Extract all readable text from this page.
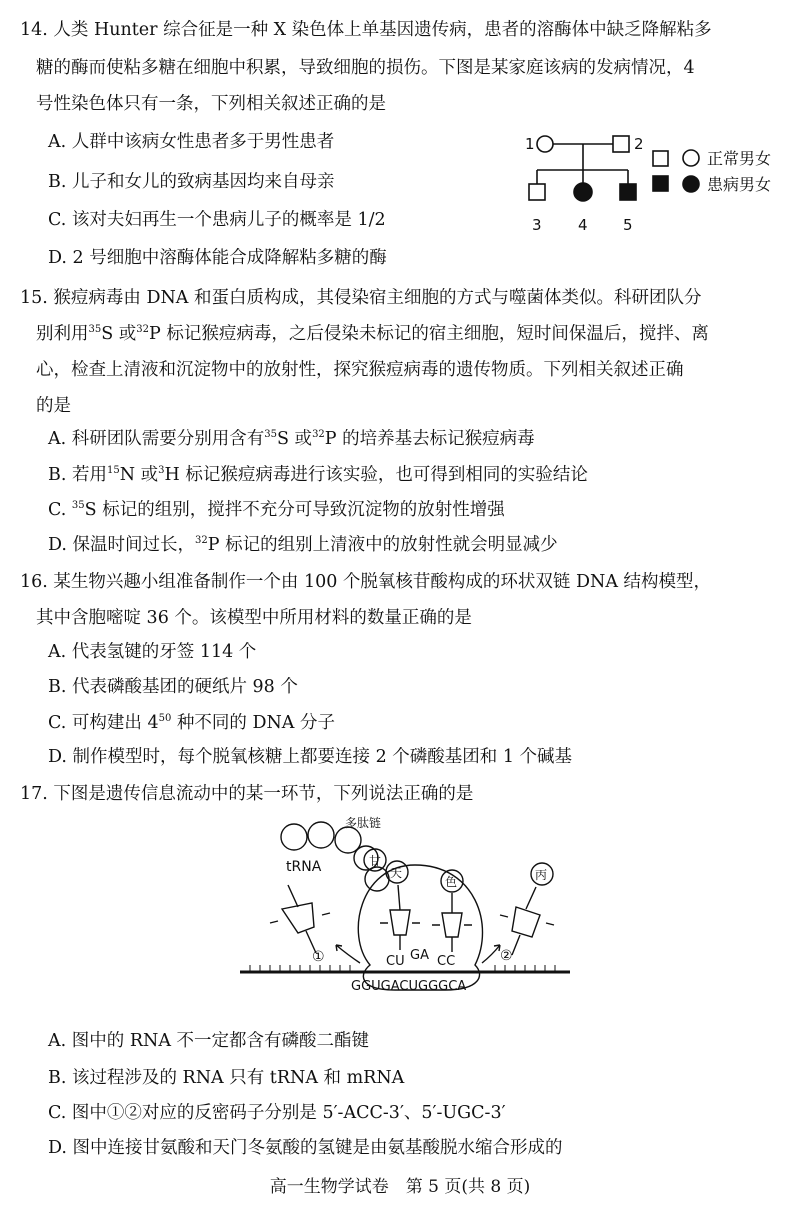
14. 人类 Hunter 综合征是一种 X 染色体上单基因遗传病，患者的溶酶体中缺乏降解粘多
糖的酶而使粘多糖在细胞中积累，导致细胞的损伤。下图是某家庭该病的发病情况，4
号性染色体只有一条，下列相关叙述正确的是
A. 人群中该病女性患者多于男性患者
B. 儿子和女儿的致病基因均来自母亲
C. 该对夫妇再生一个患病儿子的概率是 1/2
D. 2 号细胞中溶酶体能合成降解粘多糖的酶
1	2
3 4 5
正常男女
患病男女
15. 猴痘病毒由 DNA 和蛋白质构成，其侵染宿主细胞的方式与噬菌体类似。科研团队分
别利用$^{35}$S 或$^{32}$P 标记猴痘病毒，之后侵染未标记的宿主细胞，短时间保温后，搅拌、离
心，检查上清液和沉淀物中的放射性，探究猴痘病毒的遗传物质。下列相关叙述正确
的是
A. 科研团队需要分别用含有$^{35}$S 或$^{32}$P 的培养基去标记猴痘病毒
B. 若用$^{15}$N 或$^3$H 标记猴痘病毒进行该实验，也可得到相同的实验结论
C. $^{35}$S 标记的组别，搅拌不充分可导致沉淀物的放射性增强
D. 保温时间过长，$^{32}$P 标记的组别上清液中的放射性就会明显减少
16. 某生物兴趣小组准备制作一个由 100 个脱氧核苷酸构成的环状双链 DNA 结构模型，
其中含胞嘧啶 36 个。该模型中所用材料的数量正确的是
A. 代表氢键的牙签 114 个
B. 代表磷酸基团的硬纸片 98 个
C. 可构建出 $4^{50}$ 种不同的 DNA 分子
D. 制作模型时，每个脱氧核糖上都要连接 2 个磷酸基团和 1 个碱基
17. 下图是遗传信息流动中的某一环节，下列说法正确的是
多肽链
甘
天
色	丙
tRNA
①	②
CU GA CC
GGUGACUGGGCA
A. 图中的 RNA 不一定都含有磷酸二酯键
B. 该过程涉及的 RNA 只有 tRNA 和 mRNA
C. 图中①②对应的反密码子分别是 5′-ACC-3′、5′-UGC-3′
D. 图中连接甘氨酸和天门冬氨酸的氢键是由氨基酸脱水缩合形成的
高一生物学试卷　第 5 页(共 8 页)
